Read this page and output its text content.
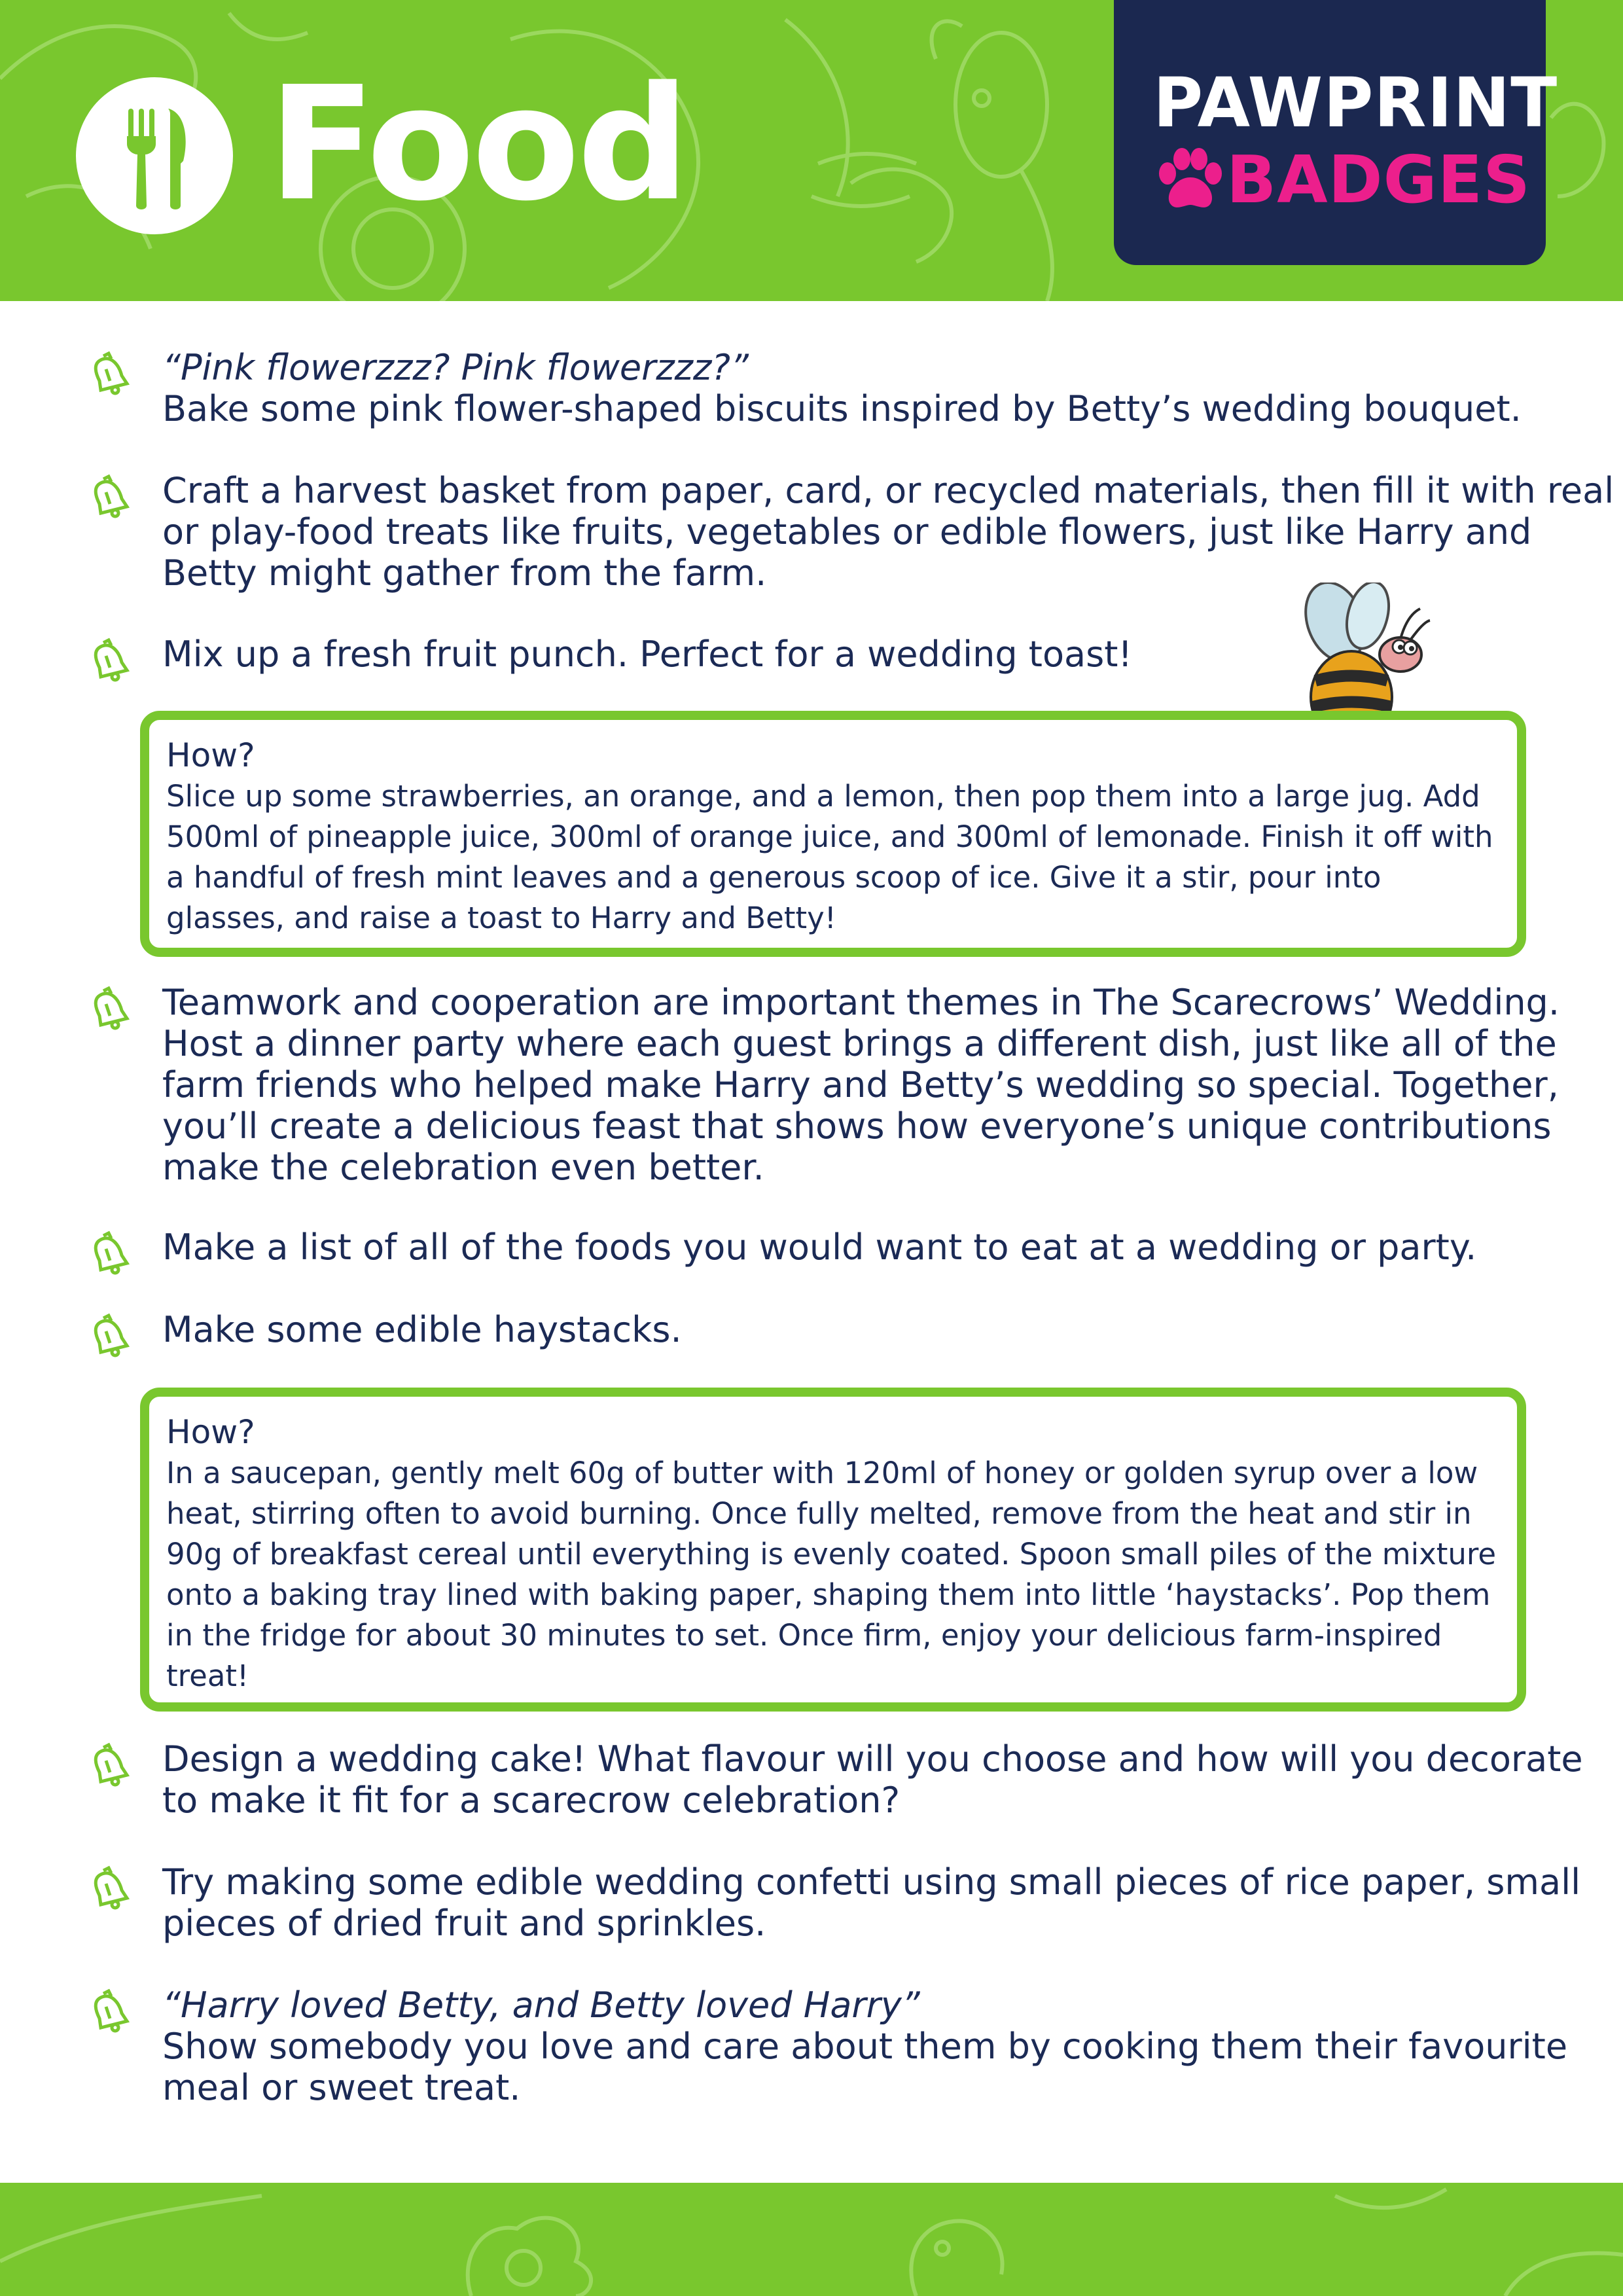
Food	PAWPRINT
BADGES
“Pink flowerzzz? Pink flowerzzz?”
Bake some pink flower-shaped biscuits inspired by Betty’s wedding bouquet.
Craft a harvest basket from paper, card, or recycled materials, then fill it with real or play-food treats like fruits, vegetables or edible flowers, just like Harry and Betty might gather from the farm.
Mix up a fresh fruit punch. Perfect for a wedding toast!
How?
Slice up some strawberries, an orange, and a lemon, then pop them into a large jug. Add 500ml of pineapple juice, 300ml of orange juice, and 300ml of lemonade. Finish it off with a handful of fresh mint leaves and a generous scoop of ice. Give it a stir, pour into glasses, and raise a toast to Harry and Betty!
Teamwork and cooperation are important themes in The Scarecrows’ Wedding. Host a dinner party where each guest brings a different dish, just like all of the farm friends who helped make Harry and Betty’s wedding so special. Together, you’ll create a delicious feast that shows how everyone’s unique contributions make the celebration even better.
Make a list of all of the foods you would want to eat at a wedding or party.
Make some edible haystacks.
How?
In a saucepan, gently melt 60g of butter with 120ml of honey or golden syrup over a low heat, stirring often to avoid burning. Once fully melted, remove from the heat and stir in 90g of breakfast cereal until everything is evenly coated. Spoon small piles of the mixture onto a baking tray lined with baking paper, shaping them into little ‘haystacks’. Pop them in the fridge for about 30 minutes to set. Once firm, enjoy your delicious farm-inspired treat!
Design a wedding cake! What flavour will you choose and how will you decorate to make it fit for a scarecrow celebration?
Try making some edible wedding confetti using small pieces of rice paper, small pieces of dried fruit and sprinkles.
“Harry loved Betty, and Betty loved Harry”
Show somebody you love and care about them by cooking them their favourite meal or sweet treat.
